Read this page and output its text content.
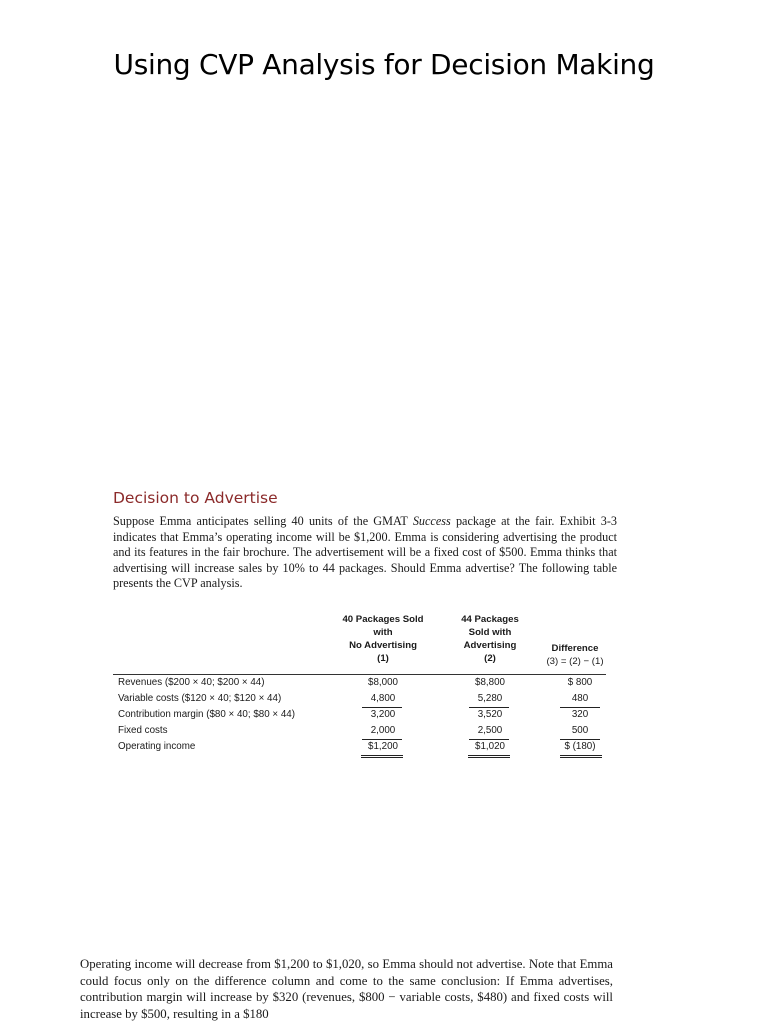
Using CVP Analysis for Decision Making
Decision to Advertise

Suppose Emma anticipates selling 40 units of the GMAT Success package at the fair. Exhibit 3-3 indicates that Emma’s operating income will be $1,200. Emma is considering advertising the product and its features in the fair brochure. The advertisement will be a fixed cost of $500. Emma thinks that advertising will increase sales by 10% to 44 packages. Should Emma advertise? The following table presents the CVP analysis.

40 Packages Sold
with
No Advertising
(1)
44 Packages
Sold with
Advertising
(2)
Difference
(3) = (2) − (1)
Revenues ($200 × 40; $200 × 44)
Variable costs ($120 × 40; $120 × 44)
Contribution margin ($80 × 40; $80 × 44)
Fixed costs
Operating income
$8,000
4,800
3,200
2,000
$1,200
$8,800
5,280
3,520
2,500
$1,020
$ 800
480
320
500
$ (180)
Operating income will decrease from $1,200 to $1,020, so Emma should not advertise. Note that Emma could focus only on the difference column and come to the same conclusion: If Emma advertises, contribution margin will increase by $320 (revenues, $800 − variable costs, $480) and fixed costs will increase by $500, resulting in a $180
